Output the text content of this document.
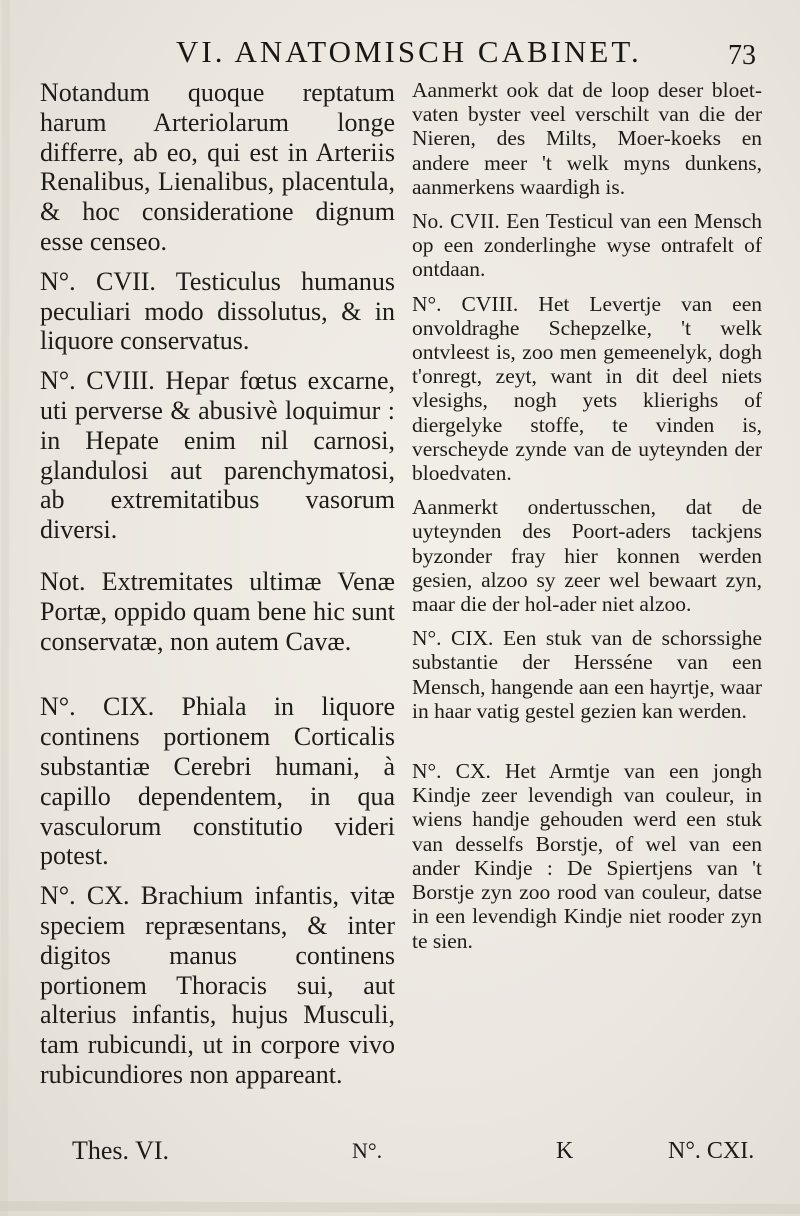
VI. ANATOMISCH CABINET.	73

Notandum quoque reptatum harum Arteriolarum longe differre, ab eo, qui est in Arteriis Renalibus, Lienalibus, placentula, & hoc consideratione dignum esse censeo.

N°. CVII. Testiculus humanus peculiari modo dissolutus, & in liquore conservatus.

N°. CVIII. Hepar fœtus excarne, uti perverse & abusivè loquimur : in Hepate enim nil carnosi, glandulosi aut parenchymatosi, ab extremitatibus vasorum diversi.

Not. Extremitates ultimæ Venæ Portæ, oppido quam bene hic sunt conservatæ, non autem Cavæ.

N°. CIX. Phiala in liquore continens portionem Corticalis substantiæ Cerebri humani, à capillo dependentem, in qua vasculorum constitutio videri potest.

N°. CX. Brachium infantis, vitæ speciem repræsentans, & inter digitos manus continens portionem Thoracis sui, aut alterius infantis, hujus Musculi, tam rubicundi, ut in corpore vivo rubicundiores non appareant.

Aanmerkt ook dat de loop deser bloet-vaten byster veel verschilt van die der Nieren, des Milts, Moer-koeks en andere meer 't welk myns dunkens, aanmerkens waardigh is.

No. CVII. Een Testicul van een Mensch op een zonderlinghe wyse ontrafelt of ontdaan.

N°. CVIII. Het Levertje van een onvoldraghe Schepzelke, 't welk ontvleest is, zoo men gemeenelyk, dogh t'onregt, zeyt, want in dit deel niets vlesighs, nogh yets klierighs of diergelyke stoffe, te vinden is, verscheyde zynde van de uyteynden der bloedvaten.

Aanmerkt ondertusschen, dat de uyteynden des Poort-aders tackjens byzonder fray hier konnen werden gesien, alzoo sy zeer wel bewaart zyn, maar die der hol-ader niet alzoo.

N°. CIX. Een stuk van de schorssighe substantie der Hersséne van een Mensch, hangende aan een hayrtje, waar in haar vatig gestel gezien kan werden.

N°. CX. Het Armtje van een jongh Kindje zeer levendigh van couleur, in wiens handje gehouden werd een stuk van desselfs Borstje, of wel van een ander Kindje : De Spiertjens van 't Borstje zyn zoo rood van couleur, datse in een levendigh Kindje niet rooder zyn te sien.

Thes. VI.	N°.	K	N°. CXI.
